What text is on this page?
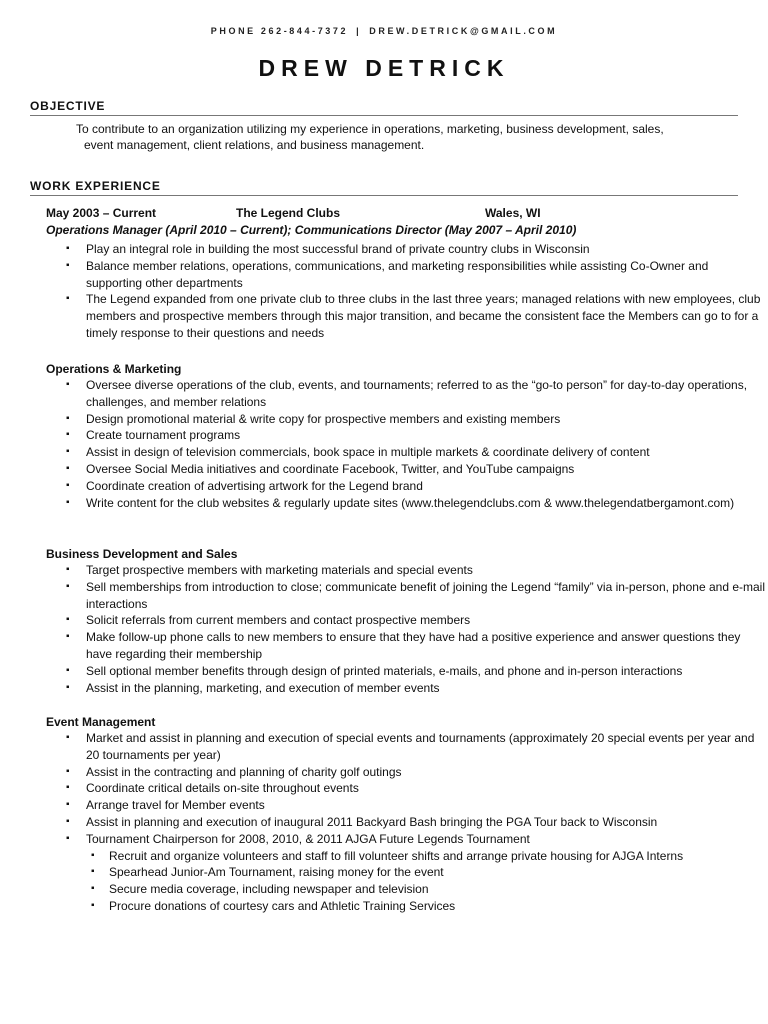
PHONE 262-844-7372 | DREW.DETRICK@GMAIL.COM
DREW DETRICK
OBJECTIVE
To contribute to an organization utilizing my experience in operations, marketing, business development, sales,
event management, client relations, and business management.
WORK EXPERIENCE
May 2003 – Current	The Legend Clubs	Wales, WI
Operations Manager (April 2010 – Current); Communications Director (May 2007 – April 2010)
▪ Play an integral role in building the most successful brand of private country clubs in Wisconsin
▪ Balance member relations, operations, communications, and marketing responsibilities while assisting Co-Owner and supporting other departments
▪ The Legend expanded from one private club to three clubs in the last three years; managed relations with new employees, club members and prospective members through this major transition, and became the consistent face the Members can go to for a timely response to their questions and needs
Operations & Marketing
▪ Oversee diverse operations of the club, events, and tournaments; referred to as the “go-to person” for day-to-day operations, challenges, and member relations
▪ Design promotional material & write copy for prospective members and existing members
▪ Create tournament programs
▪ Assist in design of television commercials, book space in multiple markets & coordinate delivery of content
▪ Oversee Social Media initiatives and coordinate Facebook, Twitter, and YouTube campaigns
▪ Coordinate creation of advertising artwork for the Legend brand
▪ Write content for the club websites & regularly update sites (www.thelegendclubs.com & www.thelegendatbergamont.com)
Business Development and Sales
▪ Target prospective members with marketing materials and special events
▪ Sell memberships from introduction to close; communicate benefit of joining the Legend “family” via in-person, phone and e-mail interactions
▪ Solicit referrals from current members and contact prospective members
▪ Make follow-up phone calls to new members to ensure that they have had a positive experience and answer questions they have regarding their membership
▪ Sell optional member benefits through design of printed materials, e-mails, and phone and in-person interactions
▪ Assist in the planning, marketing, and execution of member events
Event Management
▪ Market and assist in planning and execution of special events and tournaments (approximately 20 special events per year and 20 tournaments per year)
▪ Assist in the contracting and planning of charity golf outings
▪ Coordinate critical details on-site throughout events
▪ Arrange travel for Member events
▪ Assist in planning and execution of inaugural 2011 Backyard Bash bringing the PGA Tour back to Wisconsin
▪ Tournament Chairperson for 2008, 2010, & 2011 AJGA Future Legends Tournament
▪ Recruit and organize volunteers and staff to fill volunteer shifts and arrange private housing for AJGA Interns
▪ Spearhead Junior-Am Tournament, raising money for the event
▪ Secure media coverage, including newspaper and television
▪ Procure donations of courtesy cars and Athletic Training Services
